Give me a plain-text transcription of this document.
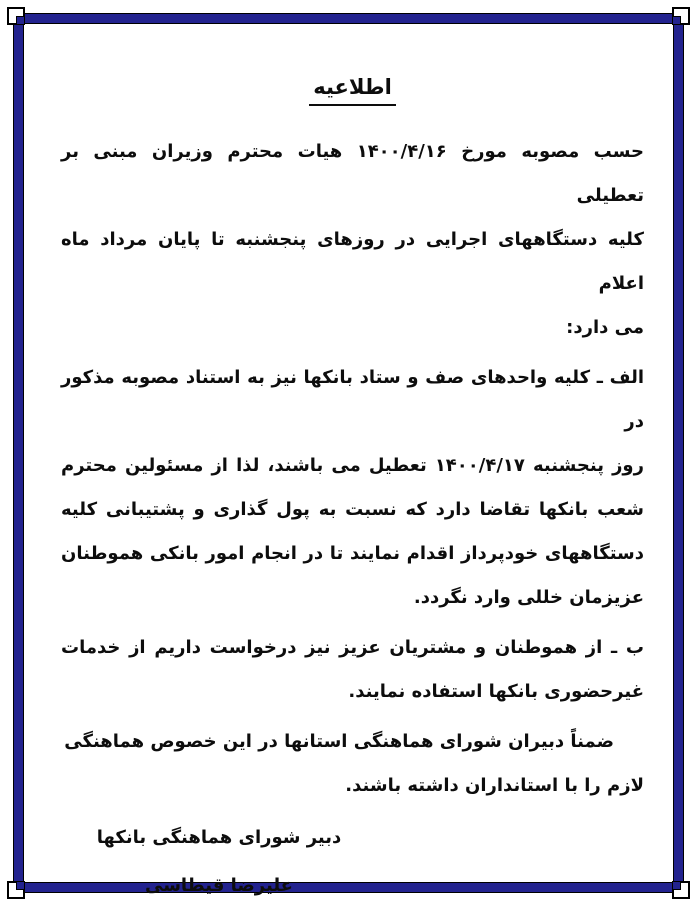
اطلاعیه

حسب مصوبه مورخ ۱۴۰۰/۴/۱۶ هیات محترم وزیران مبنی بر تعطیلی
کلیه دستگاههای اجرایی در روزهای پنجشنبه تا پایان مرداد ماه اعلام
می دارد:

الف ـ کلیه واحدهای صف و ستاد بانکها نیز به استناد مصوبه مذکور در
روز پنجشنبه ۱۴۰۰/۴/۱۷ تعطیل می باشند، لذا از مسئولین محترم
شعب بانکها تقاضا دارد که نسبت به پول گذاری و پشتیبانی کلیه
دستگاههای خودپرداز اقدام نمایند تا در انجام امور بانکی هموطنان
عزیزمان خللی وارد نگردد.

ب ـ از هموطنان و مشتریان عزیز نیز درخواست داریم از خدمات
غیرحضوری بانکها استفاده نمایند.

ضمناً دبیران شورای هماهنگی استانها در این خصوص هماهنگی
لازم را با استانداران داشته باشند.

دبیر شورای هماهنگی بانکها
علیرضا قیطاسی
